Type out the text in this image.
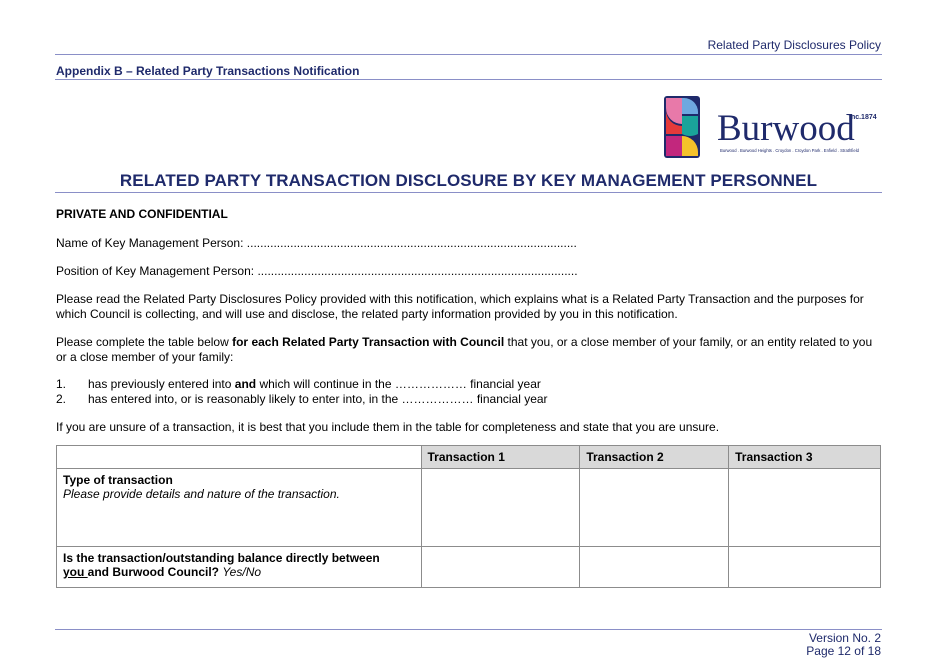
Related Party Disclosures Policy
Appendix B – Related Party Transactions Notification
Inc.1874
Burwood
Burwood . Burwood Heights . Croydon . Croydon Park . Enfield . Strathfield
RELATED PARTY TRANSACTION DISCLOSURE BY KEY MANAGEMENT PERSONNEL
PRIVATE AND CONFIDENTIAL
Name of Key Management Person: ...................................................................................................
Position of Key Management Person: ................................................................................................
Please read the Related Party Disclosures Policy provided with this notification, which explains what is a Related Party Transaction and the purposes for which Council is collecting, and will use and disclose, the related party information provided by you in this notification.
Please complete the table below for each Related Party Transaction with Council that you, or a close member of your family, or an entity related to you or a close member of your family:
1. has previously entered into and which will continue in the ……………… financial year
2. has entered into, or is reasonably likely to enter into, in the ……………… financial year
If you are unsure of a transaction, it is best that you include them in the table for completeness and state that you are unsure.
	Transaction 1	Transaction 2	Transaction 3

Type of transaction
Please provide details and nature of the transaction.			

Is the transaction/outstanding balance directly between
you and Burwood Council? Yes/No			

Version No. 2
Page 12 of 18
